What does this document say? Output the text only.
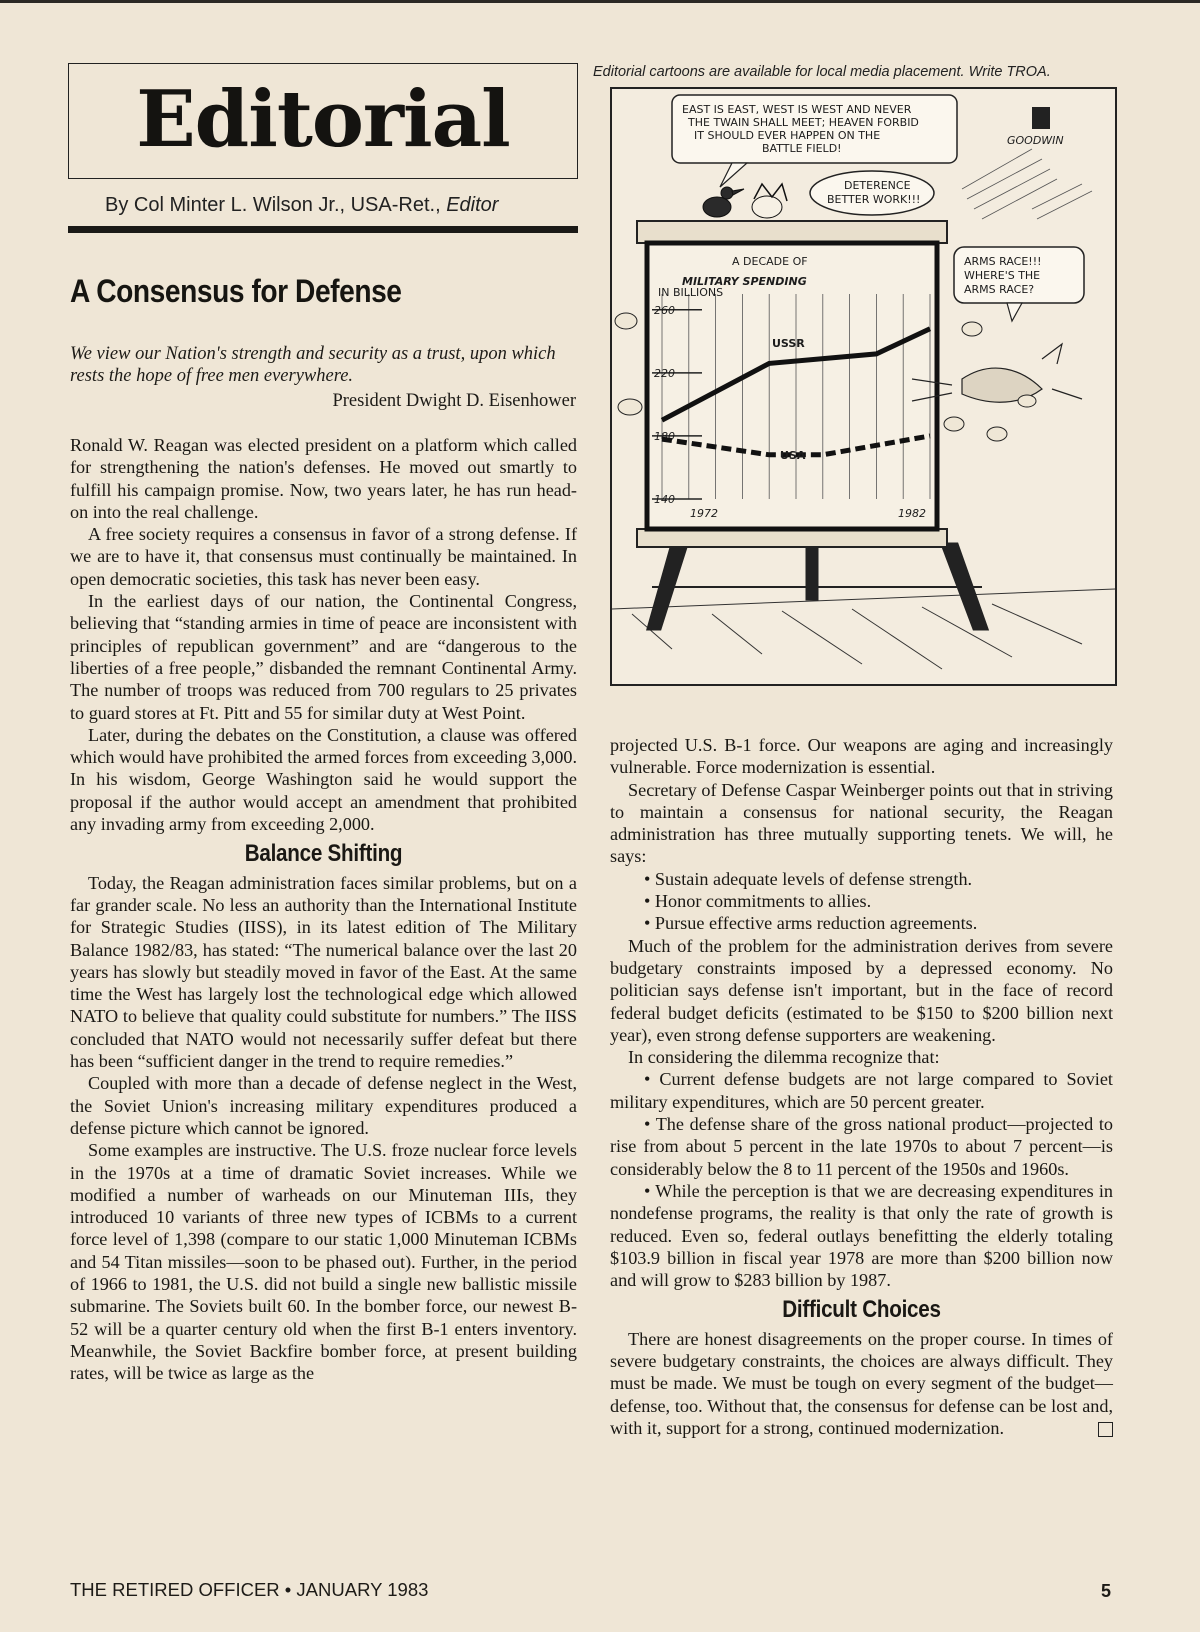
Editorial
By Col Minter L. Wilson Jr., USA-Ret., Editor
A Consensus for Defense
We view our Nation's strength and security as a trust, upon which rests the hope of free men everywhere.
President Dwight D. Eisenhower

Ronald W. Reagan was elected president on a platform which called for strengthening the nation's defenses. He moved out smartly to fulfill his campaign promise. Now, two years later, he has run head-on into the real challenge.

A free society requires a consensus in favor of a strong defense. If we are to have it, that consensus must continually be maintained. In open democratic societies, this task has never been easy.

In the earliest days of our nation, the Continental Congress, believing that “standing armies in time of peace are inconsistent with principles of republican government” and are “dangerous to the liberties of a free people,” disbanded the remnant Continental Army. The number of troops was reduced from 700 regulars to 25 privates to guard stores at Ft. Pitt and 55 for similar duty at West Point.

Later, during the debates on the Constitution, a clause was offered which would have prohibited the armed forces from exceeding 3,000. In his wisdom, George Washington said he would support the proposal if the author would accept an amendment that prohibited any invading army from exceeding 2,000.

Balance Shifting

Today, the Reagan administration faces similar problems, but on a far grander scale. No less an authority than the International Institute for Strategic Studies (IISS), in its latest edition of The Military Balance 1982/83, has stated: “The numerical balance over the last 20 years has slowly but steadily moved in favor of the East. At the same time the West has largely lost the technological edge which allowed NATO to believe that quality could substitute for numbers.” The IISS concluded that NATO would not necessarily suffer defeat but there has been “sufficient danger in the trend to require remedies.”

Coupled with more than a decade of defense neglect in the West, the Soviet Union's increasing military expenditures produced a defense picture which cannot be ignored.

Some examples are instructive. The U.S. froze nuclear force levels in the 1970s at a time of dramatic Soviet increases. While we modified a number of warheads on our Minuteman IIIs, they introduced 10 variants of three new types of ICBMs to a current force level of 1,398 (compare to our static 1,000 Minuteman ICBMs and 54 Titan missiles—soon to be phased out). Further, in the period of 1966 to 1981, the U.S. did not build a single new ballistic missile submarine. The Soviets built 60. In the bomber force, our newest B-52 will be a quarter century old when the first B-1 enters inventory. Meanwhile, the Soviet Backfire bomber force, at present building rates, will be twice as large as the

Editorial cartoons are available for local media placement. Write TROA.
A DECADE OF
MILITARY SPENDING
IN BILLIONS
260
220
180
140
1972	1982
USSR
USA
EAST IS EAST, WEST IS WEST AND NEVER
THE TWAIN SHALL MEET; HEAVEN FORBID
IT SHOULD EVER HAPPEN ON THE
BATTLE FIELD!
DETERENCE
BETTER WORK!!!
ARMS RACE!!!
WHERE'S THE
ARMS RACE?
GOODWIN

projected U.S. B-1 force. Our weapons are aging and increasingly vulnerable. Force modernization is essential.

Secretary of Defense Caspar Weinberger points out that in striving to maintain a consensus for national security, the Reagan administration has three mutually supporting tenets. We will, he says:

• Sustain adequate levels of defense strength.

• Honor commitments to allies.

• Pursue effective arms reduction agreements.

Much of the problem for the administration derives from severe budgetary constraints imposed by a depressed economy. No politician says defense isn't important, but in the face of record federal budget deficits (estimated to be $150 to $200 billion next year), even strong defense supporters are weakening.

In considering the dilemma recognize that:

• Current defense budgets are not large compared to Soviet military expenditures, which are 50 percent greater.

• The defense share of the gross national product—projected to rise from about 5 percent in the late 1970s to about 7 percent—is considerably below the 8 to 11 percent of the 1950s and 1960s.

• While the perception is that we are decreasing expenditures in nondefense programs, the reality is that only the rate of growth is reduced. Even so, federal outlays benefitting the elderly totaling $103.9 billion in fiscal year 1978 are more than $200 billion now and will grow to $283 billion by 1987.

Difficult Choices

There are honest disagreements on the proper course. In times of severe budgetary constraints, the choices are always difficult. They must be made. We must be tough on every segment of the budget—defense, too. Without that, the consensus for defense can be lost and, with it, support for a strong, continued modernization.

THE RETIRED OFFICER • JANUARY 1983	5
